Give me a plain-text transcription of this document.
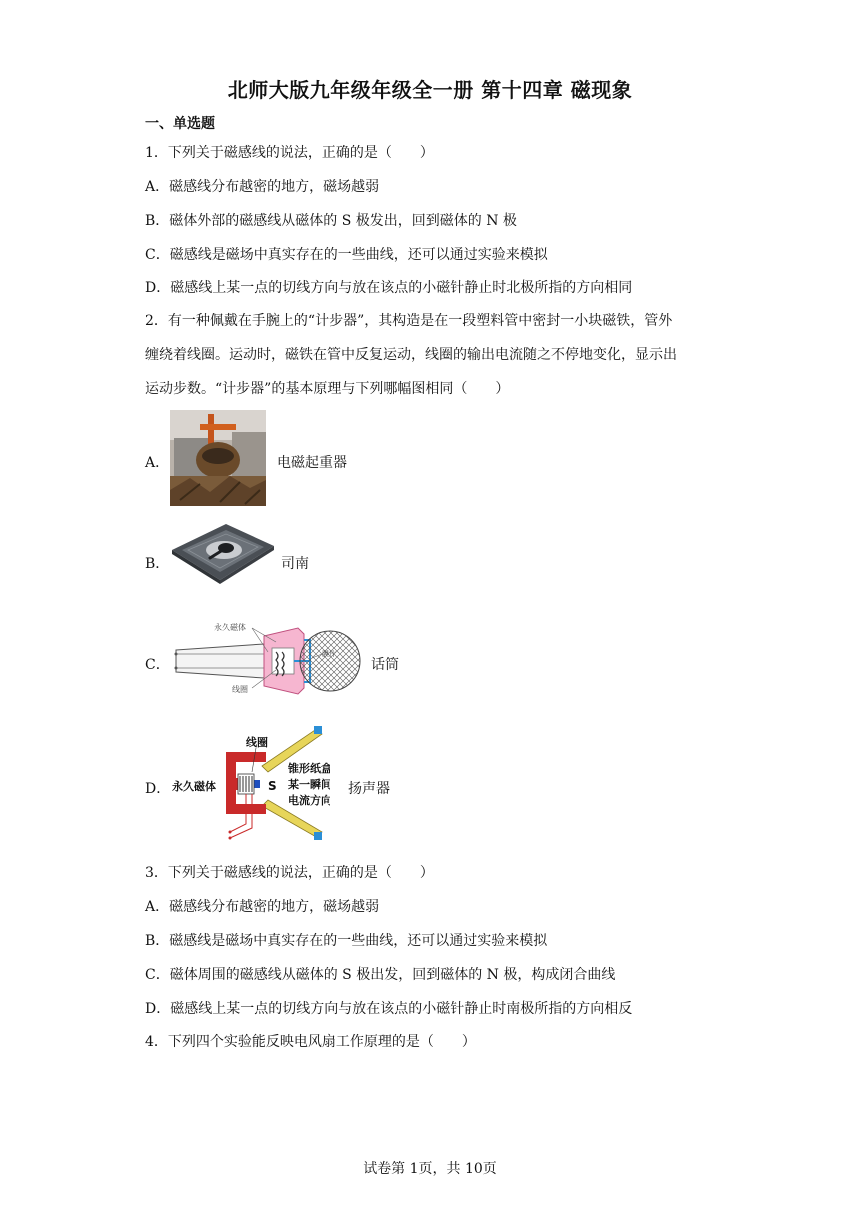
北师大版九年级年级全一册 第十四章 磁现象
一、单选题
1．下列关于磁感线的说法，正确的是（　　）
A．磁感线分布越密的地方，磁场越弱
B．磁体外部的磁感线从磁体的 S 极发出，回到磁体的 N 极
C．磁感线是磁场中真实存在的一些曲线，还可以通过实验来模拟
D．磁感线上某一点的切线方向与放在该点的小磁针静止时北极所指的方向相同
2．有一种佩戴在手腕上的“计步器”，其构造是在一段塑料管中密封一小块磁铁，管外
缠绕着线圈。运动时，磁铁在管中反复运动，线圈的输出电流随之不停地变化，显示出
运动步数。“计步器”的基本原理与下列哪幅图相同（　　）
A．	电磁起重器
B．	司南
C．
永久磁体
膜片
线圈
话筒
D．	S
线圈
永久磁体
锥形纸盒
某一瞬间
电流方向
扬声器
3．下列关于磁感线的说法，正确的是（　　）
A．磁感线分布越密的地方，磁场越弱
B．磁感线是磁场中真实存在的一些曲线，还可以通过实验来模拟
C．磁体周围的磁感线从磁体的 S 极出发，回到磁体的 N 极，构成闭合曲线
D．磁感线上某一点的切线方向与放在该点的小磁针静止时南极所指的方向相反
4．下列四个实验能反映电风扇工作原理的是（　　）
试卷第 1页，共 10页
